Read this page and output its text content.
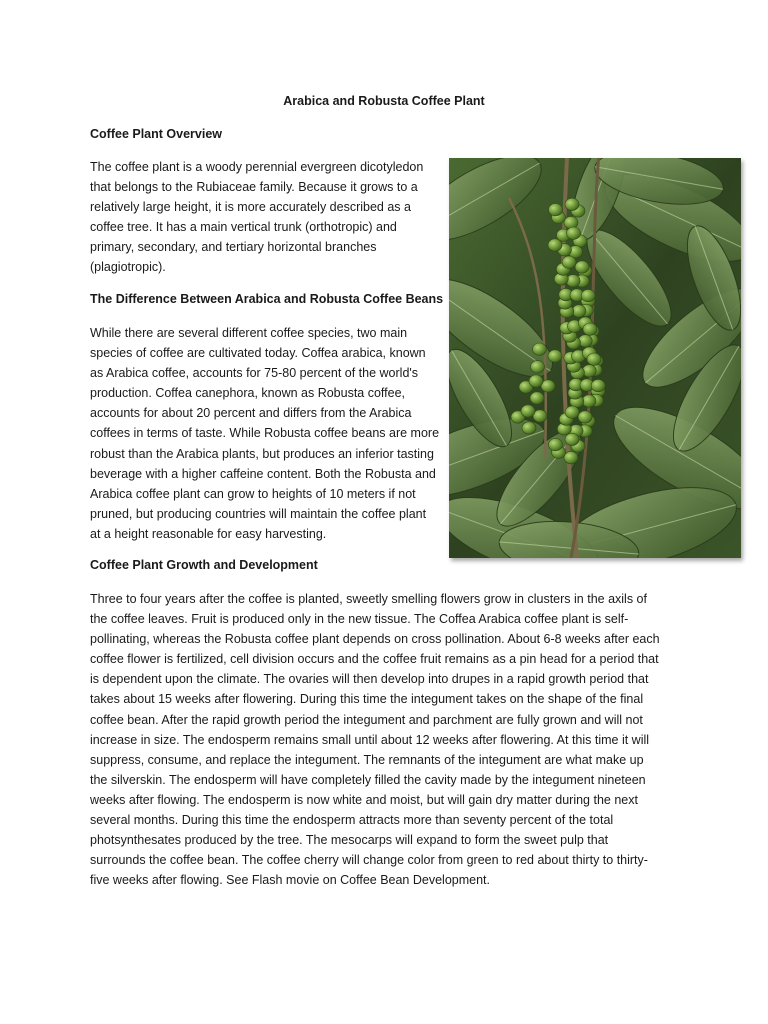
Arabica and Robusta Coffee Plant
Coffee Plant Overview
The coffee plant is a woody perennial evergreen dicotyledon
that belongs to the Rubiaceae family. Because it grows to a
relatively large height, it is more accurately described as a
coffee tree. It has a main vertical trunk (orthotropic) and
primary, secondary, and tertiary horizontal branches
(plagiotropic).
The Difference Between Arabica and Robusta Coffee Beans
While there are several different coffee species, two main
species of coffee are cultivated today. Coffea arabica, known
as Arabica coffee, accounts for 75-80 percent of the world's
production. Coffea canephora, known as Robusta coffee,
accounts for about 20 percent and differs from the Arabica
coffees in terms of taste. While Robusta coffee beans are more
robust than the Arabica plants, but produces an inferior tasting
beverage with a higher caffeine content. Both the Robusta and
Arabica coffee plant can grow to heights of 10 meters if not
pruned, but producing countries will maintain the coffee plant
at a height reasonable for easy harvesting.
Coffee Plant Growth and Development
Three to four years after the coffee is planted, sweetly smelling flowers grow in clusters in the axils of
the coffee leaves. Fruit is produced only in the new tissue. The Coffea Arabica coffee plant is self-
pollinating, whereas the Robusta coffee plant depends on cross pollination. About 6-8 weeks after each
coffee flower is fertilized, cell division occurs and the coffee fruit remains as a pin head for a period that
is dependent upon the climate. The ovaries will then develop into drupes in a rapid growth period that
takes about 15 weeks after flowering. During this time the integument takes on the shape of the final
coffee bean. After the rapid growth period the integument and parchment are fully grown and will not
increase in size. The endosperm remains small until about 12 weeks after flowering. At this time it will
suppress, consume, and replace the integument. The remnants of the integument are what make up
the silverskin. The endosperm will have completely filled the cavity made by the integument nineteen
weeks after flowing. The endosperm is now white and moist, but will gain dry matter during the next
several months. During this time the endosperm attracts more than seventy percent of the total
photsynthesates produced by the tree. The mesocarps will expand to form the sweet pulp that
surrounds the coffee bean. The coffee cherry will change color from green to red about thirty to thirty-
five weeks after flowing. See Flash movie on Coffee Bean Development.
